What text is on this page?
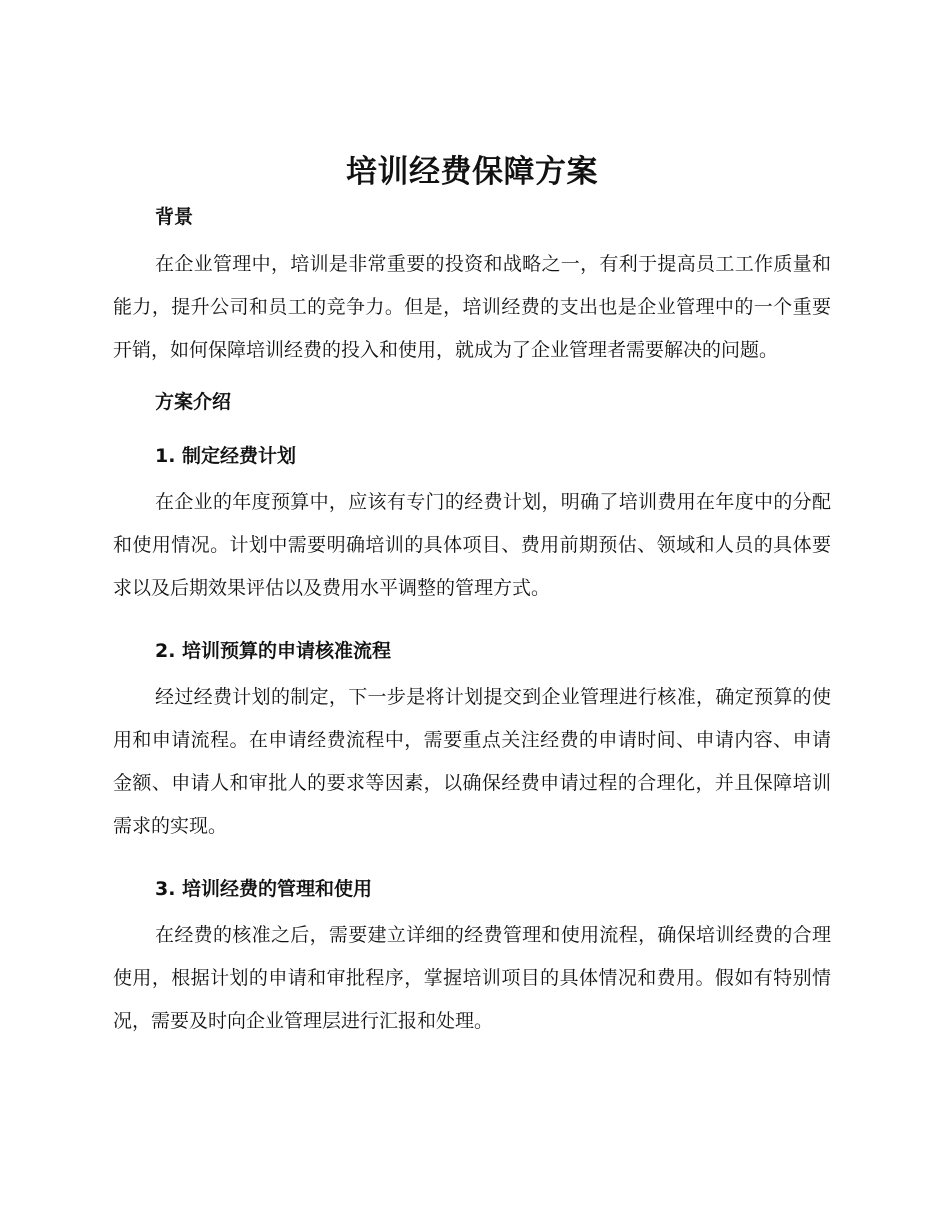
培训经费保障方案
背景

在企业管理中，培训是非常重要的投资和战略之一，有利于提高员工工作质量和能力，提升公司和员工的竞争力。但是，培训经费的支出也是企业管理中的一个重要开销，如何保障培训经费的投入和使用，就成为了企业管理者需要解决的问题。

方案介绍
1. 制定经费计划

在企业的年度预算中，应该有专门的经费计划，明确了培训费用在年度中的分配和使用情况。计划中需要明确培训的具体项目、费用前期预估、领域和人员的具体要求以及后期效果评估以及费用水平调整的管理方式。

2. 培训预算的申请核准流程

经过经费计划的制定，下一步是将计划提交到企业管理进行核准，确定预算的使用和申请流程。在申请经费流程中，需要重点关注经费的申请时间、申请内容、申请金额、申请人和审批人的要求等因素，以确保经费申请过程的合理化，并且保障培训需求的实现。

3. 培训经费的管理和使用

在经费的核准之后，需要建立详细的经费管理和使用流程，确保培训经费的合理使用，根据计划的申请和审批程序，掌握培训项目的具体情况和费用。假如有特别情况，需要及时向企业管理层进行汇报和处理。
